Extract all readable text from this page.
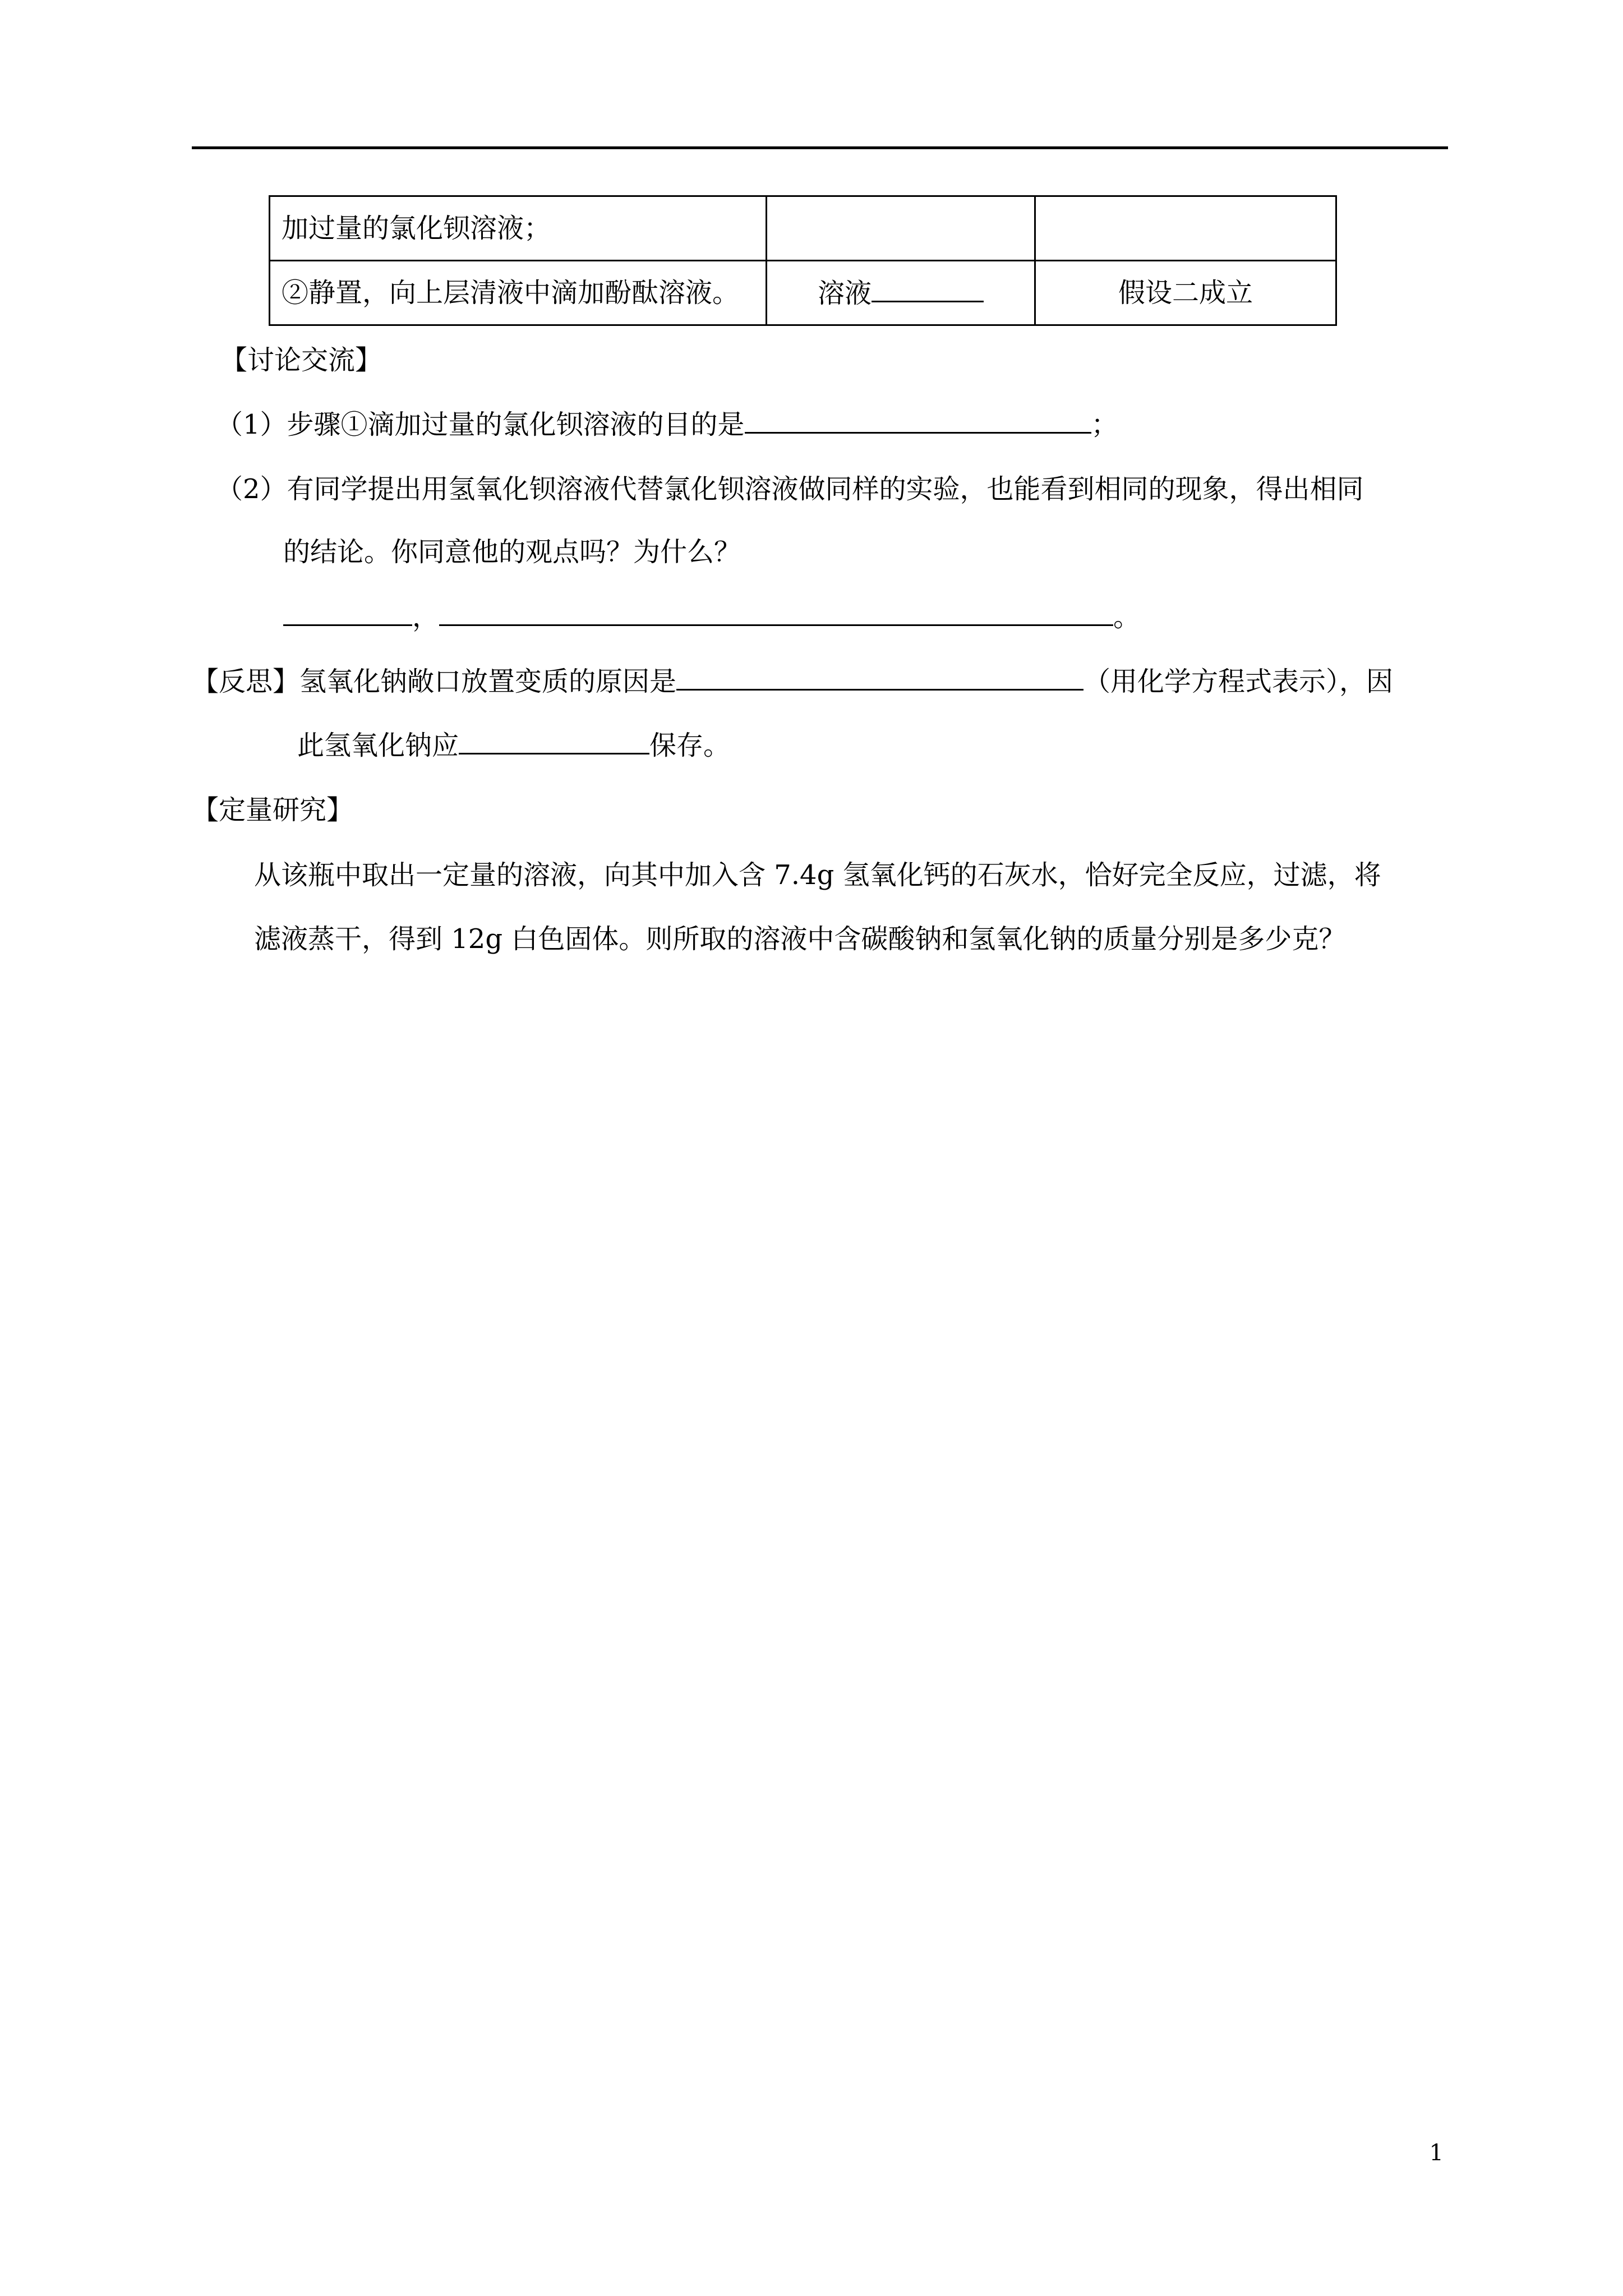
加过量的氯化钡溶液；		
②静置，向上层清液中滴加酚酞溶液。	溶液	假设二成立
【讨论交流】
（1）步骤①滴加过量的氯化钡溶液的目的是	；
（2）有同学提出用氢氧化钡溶液代替氯化钡溶液做同样的实验，也能看到相同的现象，得出相同
的结论。你同意他的观点吗？为什么？
，	。
【反思】氢氧化钠敞口放置变质的原因是	（用化学方程式表示），因
此氢氧化钠应	保存。
【定量研究】
从该瓶中取出一定量的溶液，向其中加入含 7.4g 氢氧化钙的石灰水，恰好完全反应，过滤，将
滤液蒸干，得到 12g 白色固体。则所取的溶液中含碳酸钠和氢氧化钠的质量分别是多少克？
1
